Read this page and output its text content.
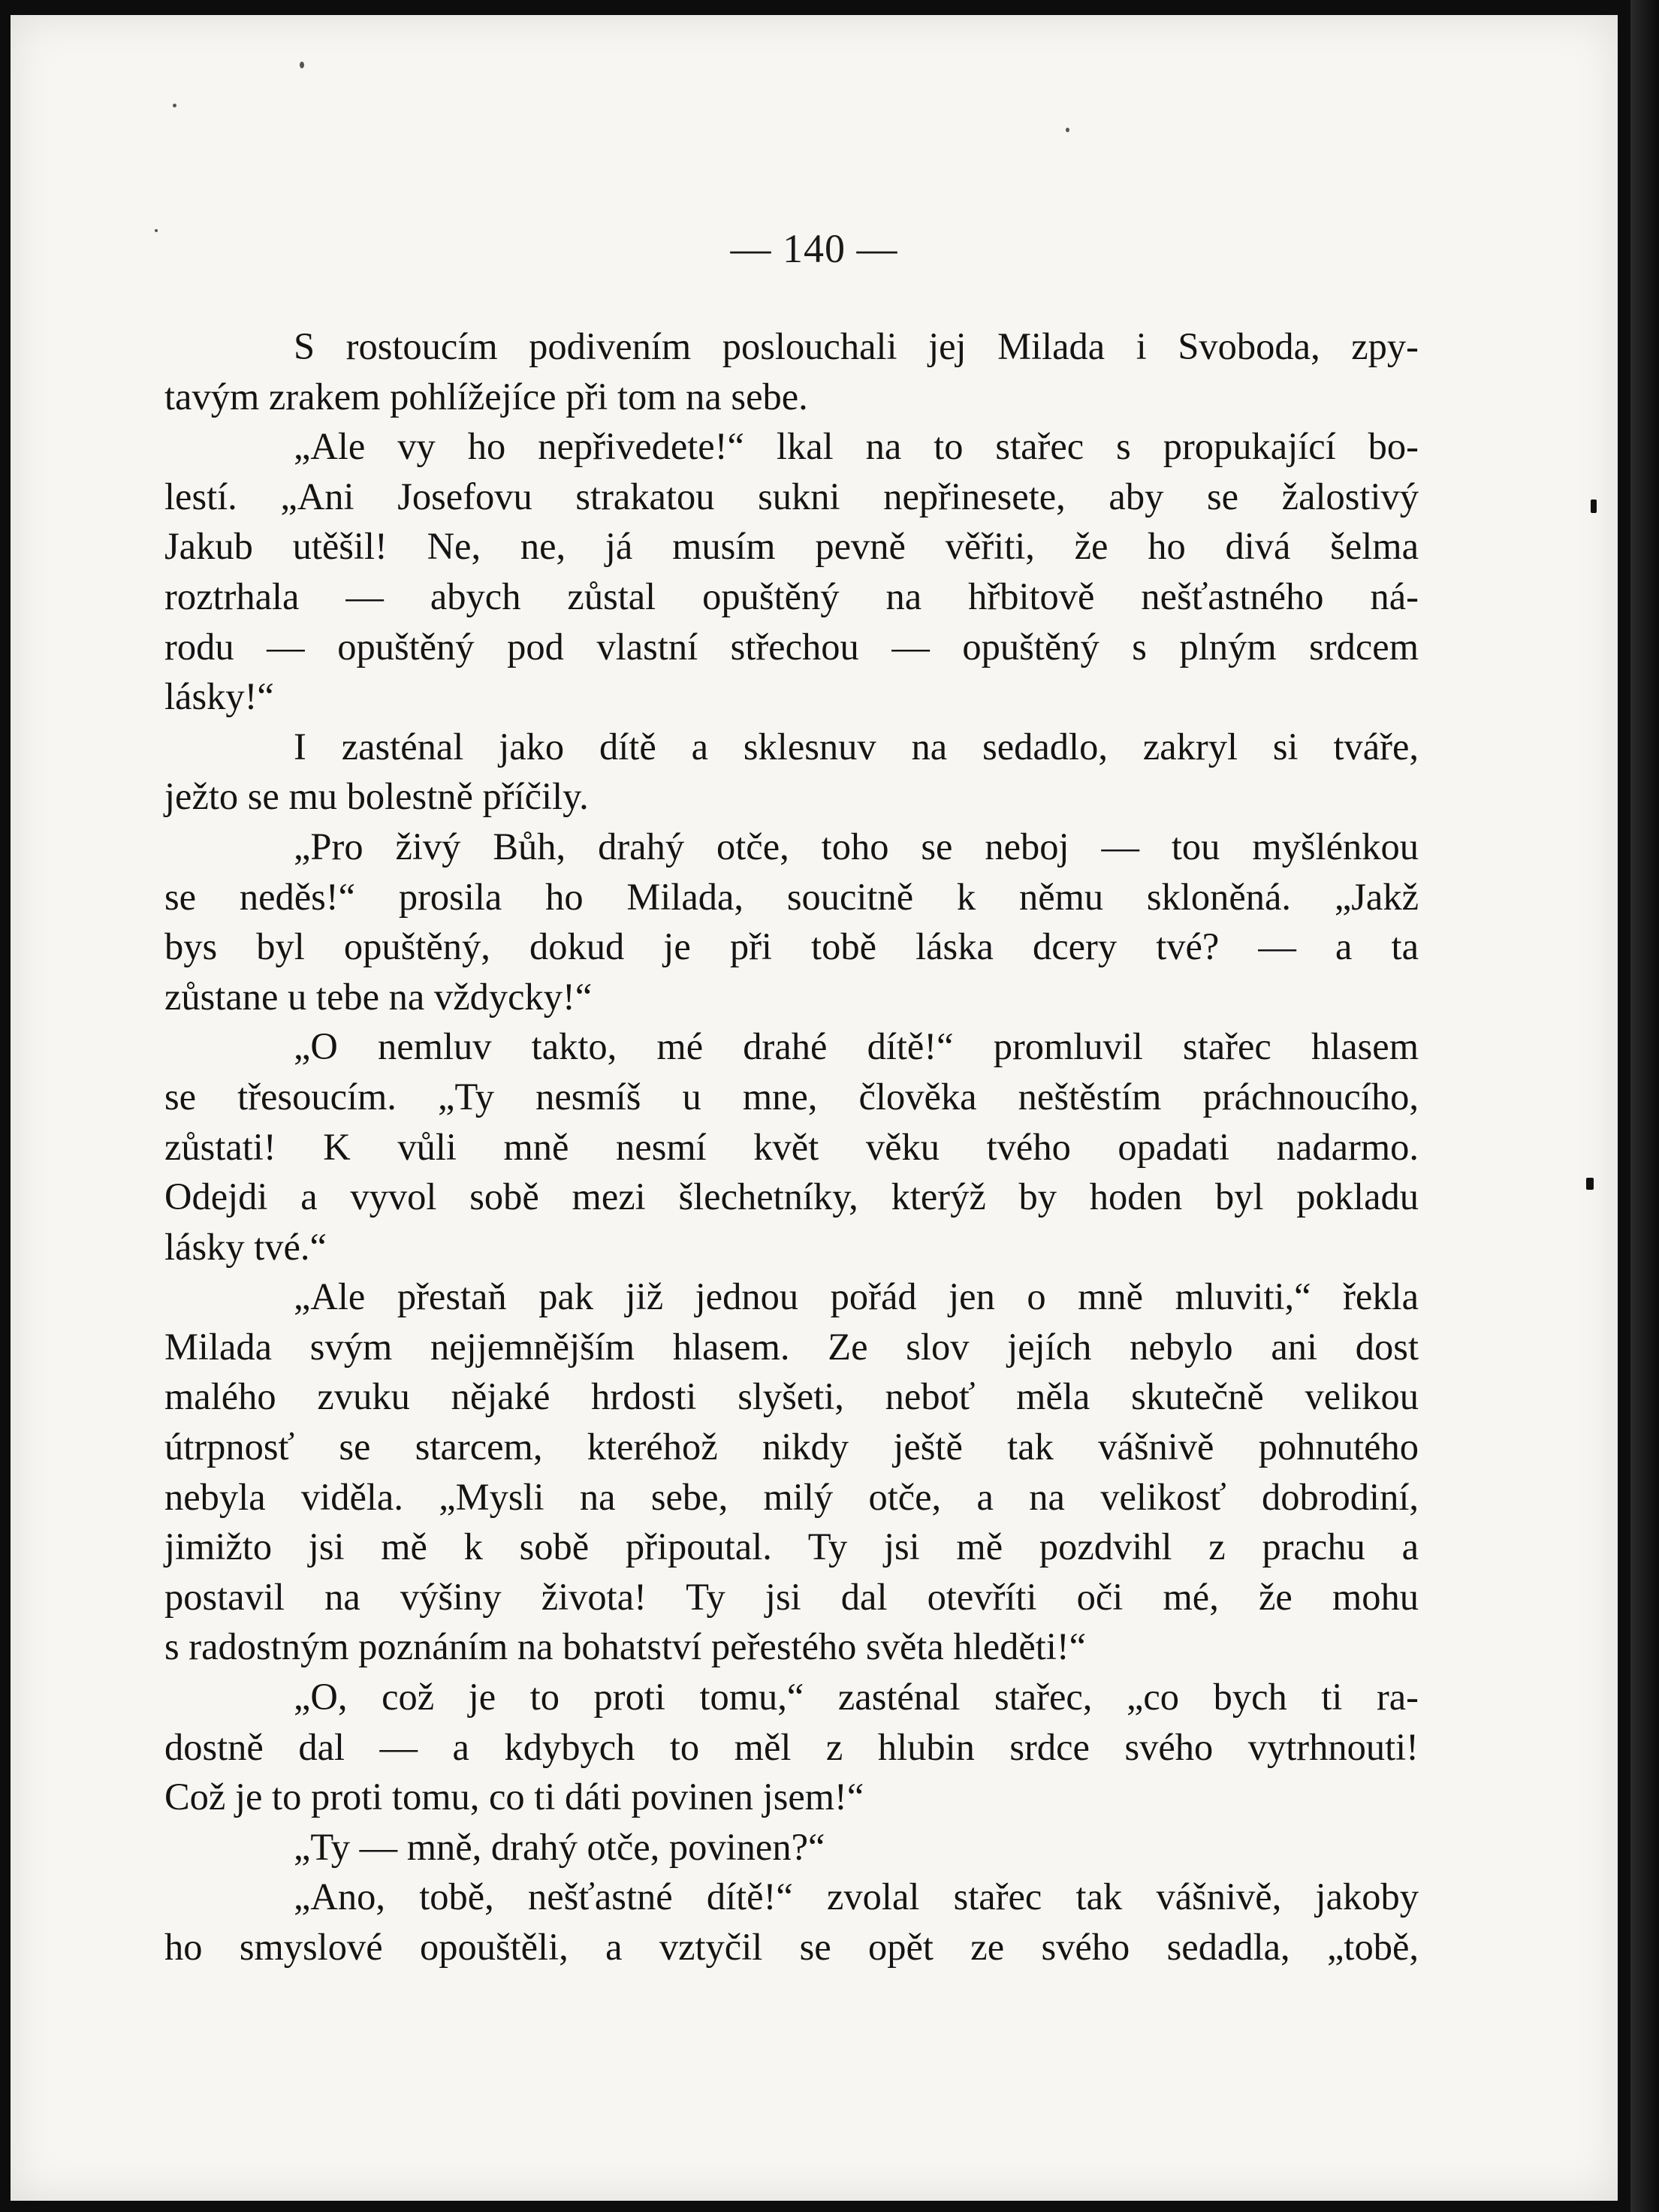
— 140 —
S rostoucím podivením poslouchali jej Milada i Svoboda, zpy-
tavým zrakem pohlížejíce při tom na sebe.
„Ale vy ho nepřivedete!“ lkal na to stařec s propukající bo-
lestí. „Ani Josefovu strakatou sukni nepřinesete, aby se žalostivý
Jakub utěšil! Ne, ne, já musím pevně věřiti, že ho divá šelma
roztrhala — abych zůstal opuštěný na hřbitově nešťastného ná-
rodu — opuštěný pod vlastní střechou — opuštěný s plným srdcem
lásky!“
I zasténal jako dítě a sklesnuv na sedadlo, zakryl si tváře,
ježto se mu bolestně příčily.
„Pro živý Bůh, drahý otče, toho se neboj — tou myšlénkou
se neděs!“ prosila ho Milada, soucitně k němu skloněná. „Jakž
bys byl opuštěný, dokud je při tobě láska dcery tvé? — a ta
zůstane u tebe na vždycky!“
„O nemluv takto, mé drahé dítě!“ promluvil stařec hlasem
se třesoucím. „Ty nesmíš u mne, člověka neštěstím práchnoucího,
zůstati! K vůli mně nesmí květ věku tvého opadati nadarmo.
Odejdi a vyvol sobě mezi šlechetníky, kterýž by hoden byl pokladu
lásky tvé.“
„Ale přestaň pak již jednou pořád jen o mně mluviti,“ řekla
Milada svým nejjemnějším hlasem. Ze slov jejích nebylo ani dost
malého zvuku nějaké hrdosti slyšeti, neboť měla skutečně velikou
útrpnosť se starcem, kteréhož nikdy ještě tak vášnivě pohnutého
nebyla viděla. „Mysli na sebe, milý otče, a na velikosť dobrodiní,
jimižto jsi mě k sobě připoutal. Ty jsi mě pozdvihl z prachu a
postavil na výšiny života! Ty jsi dal otevříti oči mé, že mohu
s radostným poznáním na bohatství peřestého světa hleděti!“
„O, což je to proti tomu,“ zasténal stařec, „co bych ti ra-
dostně dal — a kdybych to měl z hlubin srdce svého vytrhnouti!
Což je to proti tomu, co ti dáti povinen jsem!“
„Ty — mně, drahý otče, povinen?“
„Ano, tobě, nešťastné dítě!“ zvolal stařec tak vášnivě, jakoby
ho smyslové opouštěli, a vztyčil se opět ze svého sedadla, „tobě,
